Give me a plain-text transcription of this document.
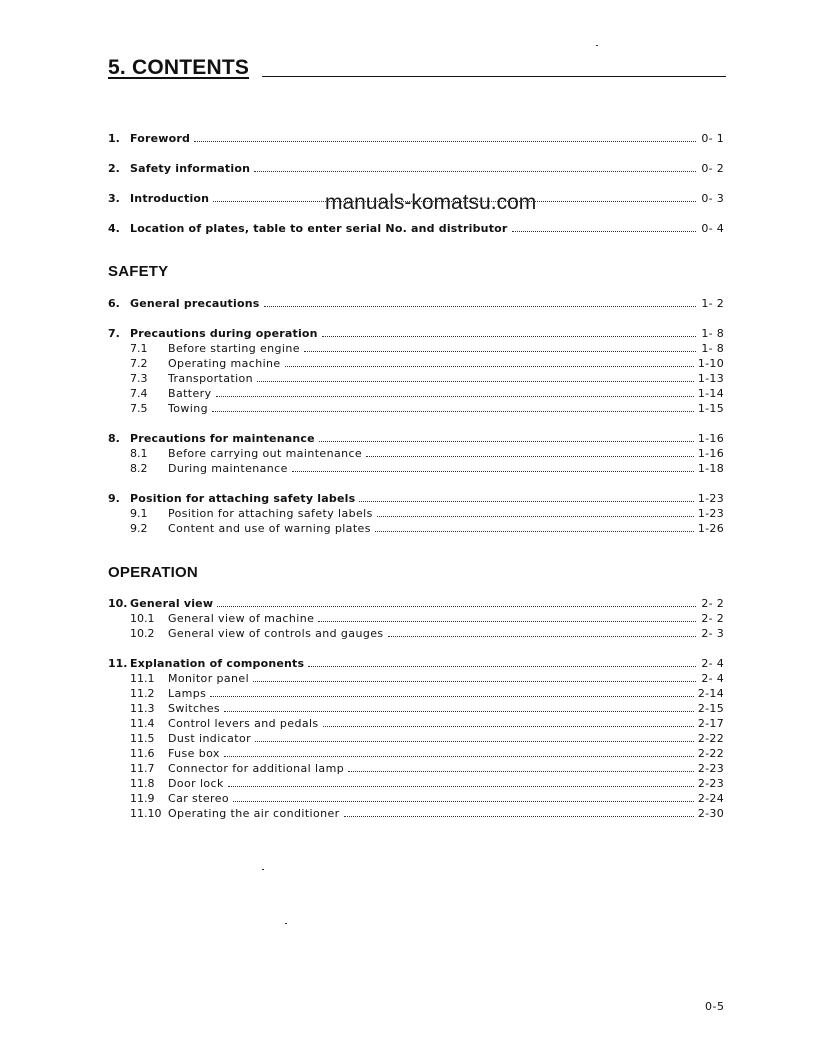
5. CONTENTS
1. Foreword	0- 1
2. Safety information	0- 2
3. Introduction	0- 3
4. Location of plates, table to enter serial No. and distributor	0- 4
manuals-komatsu.com
SAFETY
6. General precautions	1- 2
7. Precautions during operation	1- 8
7.1	Before starting engine	1- 8
7.2	Operating machine	1-10
7.3	Transportation	1-13
7.4	Battery	1-14
7.5	Towing	1-15
8. Precautions for maintenance	1-16
8.1	Before carrying out maintenance	1-16
8.2	During maintenance	1-18
9. Position for attaching safety labels	1-23
9.1	Position for attaching safety labels	1-23
9.2	Content and use of warning plates	1-26
OPERATION
10. General view	2- 2
10.1	General view of machine	2- 2
10.2	General view of controls and gauges	2- 3
11. Explanation of components	2- 4
11.1	Monitor panel	2- 4
11.2	Lamps	2-14
11.3	Switches	2-15
11.4	Control levers and pedals	2-17
11.5	Dust indicator	2-22
11.6	Fuse box	2-22
11.7	Connector for additional lamp	2-23
11.8	Door lock	2-23
11.9	Car stereo	2-24
11.10 Operating the air conditioner	2-30
0-5
